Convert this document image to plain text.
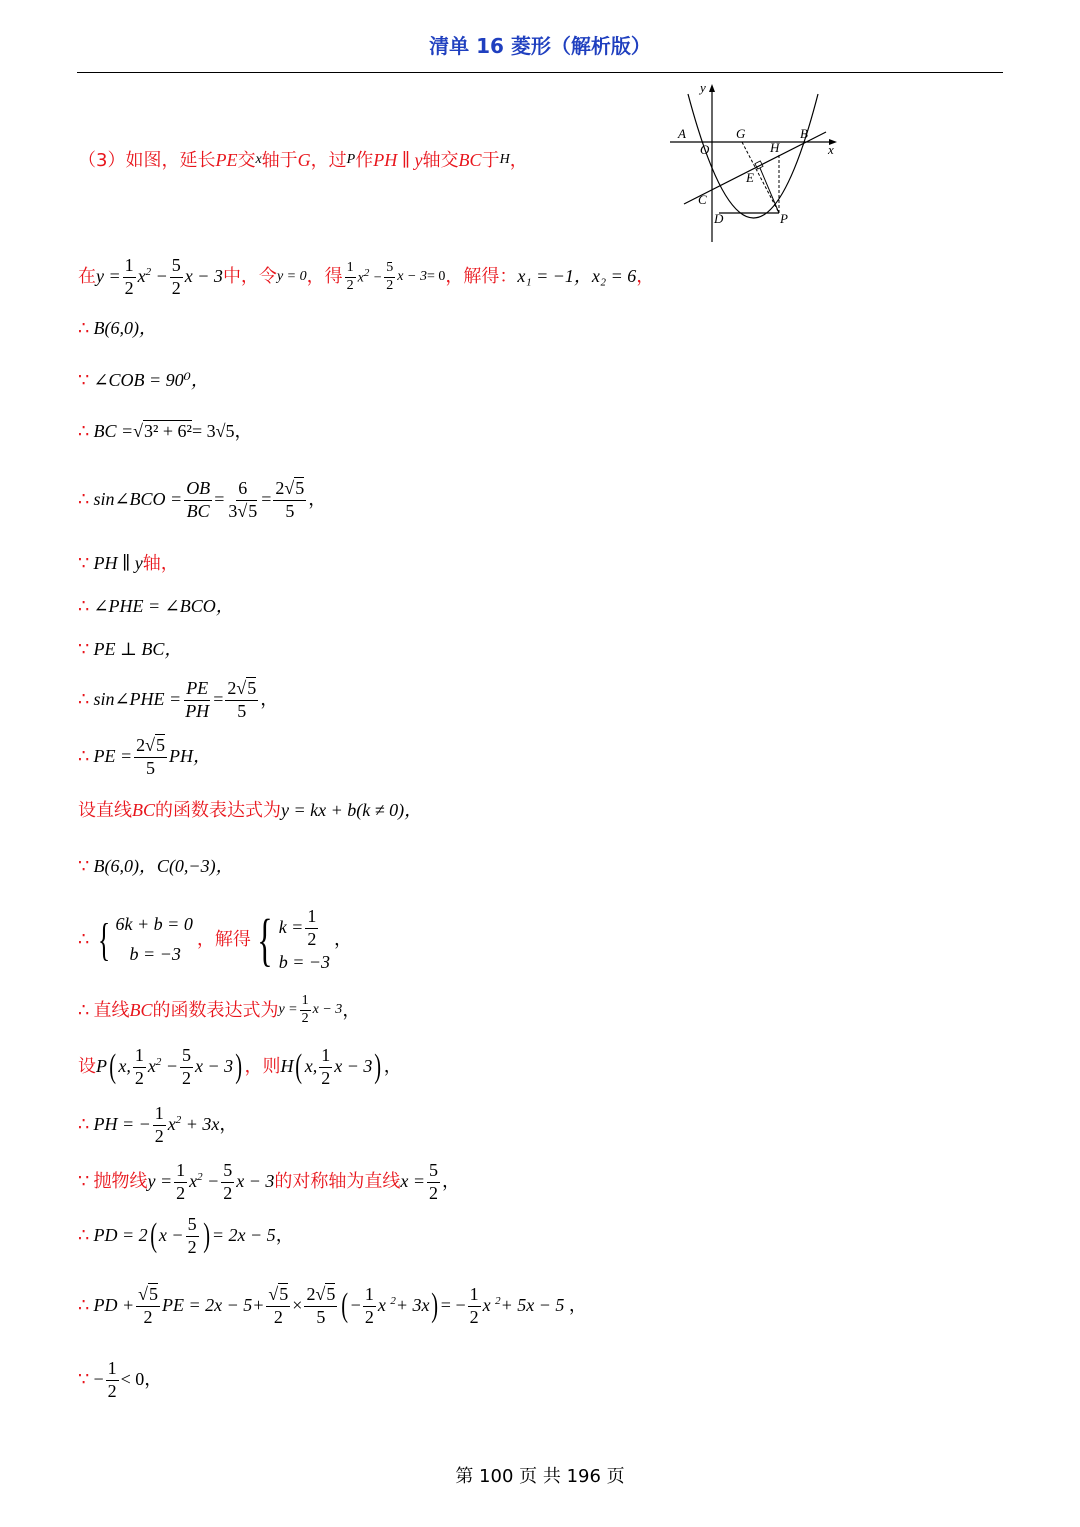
清单 16 菱形（解析版）
y
A	G	B
O	H	x
E
C
D	P
（3）如图，延长 PE 交 x 轴于 G ，过 P 作 PH ∥ y 轴交 BC 于 H ，
在 $y = \frac{1}{2} x^2 - \frac{5}{2}$ x − 3 中，令 y = 0 ，得 $\frac{1}{2} x^2 - \frac{5}{2}$ x − 3 = 0 ，解得： x₁ = −1，x₂ = 6 ，
∴ B(6,0)，
∵ ∠COB = 90⁰，
∴ BC = √ 3² + 6² = 3√5，
∴ sin∠BCO = $\frac{OB}{BC} = \frac{6}{3√5} = \frac{2√5}{5}$ ，
∵ PH ∥ y 轴，
∴ ∠PHE = ∠BCO，
∵ PE ⊥ BC，
∴ sin∠PHE = $\frac{PE}{PH} = \frac{2√5}{5}$ ，
∴ PE = $\frac{2√5}{5}$ PH，
设直线 BC 的函数表达式为 y = kx + b(k ≠ 0)，
∵ B(6,0)，C(0,−3)，
∴ { 6k + b = 0
b = −3
，解得 { $k = \frac{1}{2}$
b = −3
，
∴ 直线 BC 的函数表达式为 $y = \frac{1}{2}$ x − 3 ，
设 P ( x, $\frac{1}{2} x^2 - \frac{5}{2}$ x − 3 ) ，则 H ( x, $\frac{1}{2}$ x − 3 ) ，
∴ PH = − $\frac{1}{2} x^2 + 3x$ ，
∵ 抛物线 $y = \frac{1}{2} x^2 - \frac{5}{2}$ x − 3 的对称轴为直线 $x = \frac{5}{2}$ ，
∴ PD = 2 ( $x - \frac{5}{2}$ ) = 2x − 5 ，
∴ PD + $\frac{√5}{2}$ PE = $2x - 5+ \frac{√5}{2} \times \frac{2√5}{5}$ ( − $\frac{1}{2}$ x $^2$+ 3x ) = − $\frac{1}{2}$ x $^2$+ 5x − 5 ，
∵ − $\frac{1}{2} < 0$，
第 100 页 共 196 页
